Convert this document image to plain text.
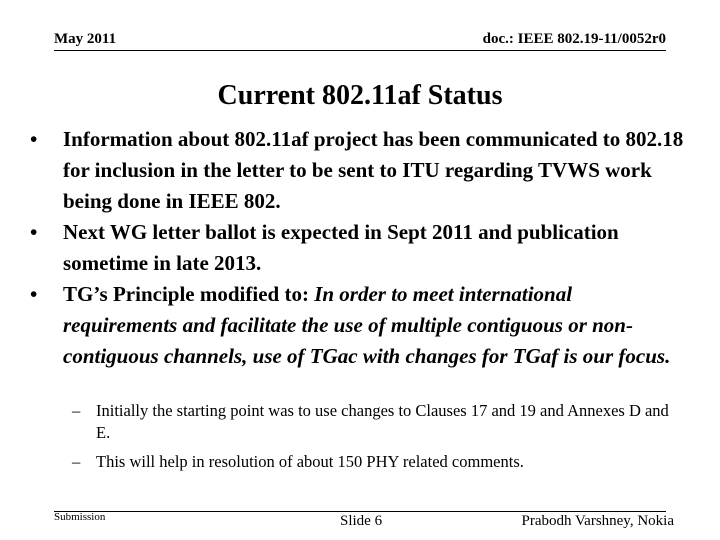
May 2011	doc.: IEEE 802.19-11/0052r0
Current 802.11af Status
• Information about 802.11af project has been communicated to 802.18 for inclusion in the letter to be sent to ITU regarding TVWS work being done in IEEE 802.
• Next WG letter ballot is expected in Sept 2011 and publication sometime in late 2013.
• TG’s Principle modified to: In order to meet international requirements and facilitate the use of multiple contiguous or non-contiguous channels, use of TGac with changes for TGaf is our focus.
– Initially the starting point was to use changes to Clauses 17 and 19 and Annexes D and E.
– This will help in resolution of about 150 PHY related comments.
Submission	Slide 6	Prabodh Varshney, Nokia
